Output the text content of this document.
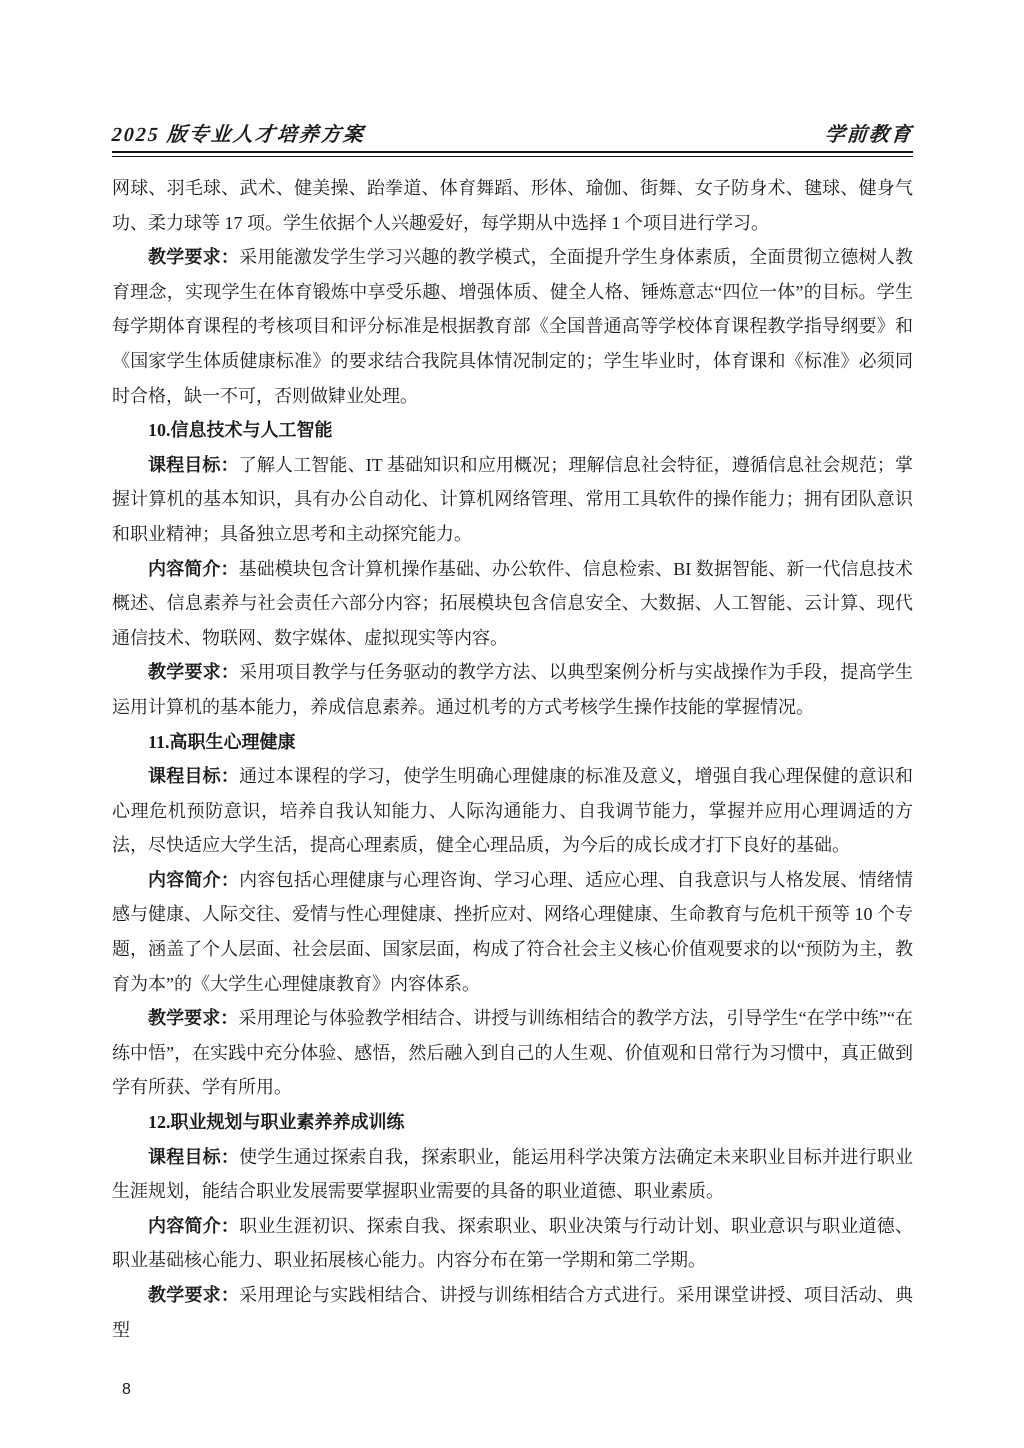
2025 版专业人才培养方案	学前教育

网球、羽毛球、武术、健美操、跆拳道、体育舞蹈、形体、瑜伽、街舞、女子防身术、毽球、健身气功、柔力球等 17 项。学生依据个人兴趣爱好，每学期从中选择 1 个项目进行学习。

教学要求：采用能激发学生学习兴趣的教学模式，全面提升学生身体素质，全面贯彻立德树人教育理念，实现学生在体育锻炼中享受乐趣、增强体质、健全人格、锤炼意志“四位一体”的目标。学生每学期体育课程的考核项目和评分标准是根据教育部《全国普通高等学校体育课程教学指导纲要》和《国家学生体质健康标准》的要求结合我院具体情况制定的；学生毕业时，体育课和《标准》必须同时合格，缺一不可，否则做肄业处理。

10.信息技术与人工智能

课程目标：了解人工智能、IT 基础知识和应用概况；理解信息社会特征，遵循信息社会规范；掌握计算机的基本知识，具有办公自动化、计算机网络管理、常用工具软件的操作能力；拥有团队意识和职业精神；具备独立思考和主动探究能力。

内容简介：基础模块包含计算机操作基础、办公软件、信息检索、BI 数据智能、新一代信息技术概述、信息素养与社会责任六部分内容；拓展模块包含信息安全、大数据、人工智能、云计算、现代通信技术、物联网、数字媒体、虚拟现实等内容。

教学要求：采用项目教学与任务驱动的教学方法、以典型案例分析与实战操作为手段，提高学生运用计算机的基本能力，养成信息素养。通过机考的方式考核学生操作技能的掌握情况。

11.高职生心理健康

课程目标：通过本课程的学习，使学生明确心理健康的标准及意义，增强自我心理保健的意识和心理危机预防意识，培养自我认知能力、人际沟通能力、自我调节能力，掌握并应用心理调适的方法，尽快适应大学生活，提高心理素质，健全心理品质，为今后的成长成才打下良好的基础。

内容简介：内容包括心理健康与心理咨询、学习心理、适应心理、自我意识与人格发展、情绪情感与健康、人际交往、爱情与性心理健康、挫折应对、网络心理健康、生命教育与危机干预等 10 个专题，涵盖了个人层面、社会层面、国家层面，构成了符合社会主义核心价值观要求的以“预防为主，教育为本”的《大学生心理健康教育》内容体系。

教学要求：采用理论与体验教学相结合、讲授与训练相结合的教学方法，引导学生“在学中练”“在练中悟”，在实践中充分体验、感悟，然后融入到自己的人生观、价值观和日常行为习惯中，真正做到学有所获、学有所用。

12.职业规划与职业素养养成训练

课程目标：使学生通过探索自我，探索职业，能运用科学决策方法确定未来职业目标并进行职业生涯规划，能结合职业发展需要掌握职业需要的具备的职业道德、职业素质。

内容简介：职业生涯初识、探索自我、探索职业、职业决策与行动计划、职业意识与职业道德、职业基础核心能力、职业拓展核心能力。内容分布在第一学期和第二学期。

教学要求：采用理论与实践相结合、讲授与训练相结合方式进行。采用课堂讲授、项目活动、典型

8
